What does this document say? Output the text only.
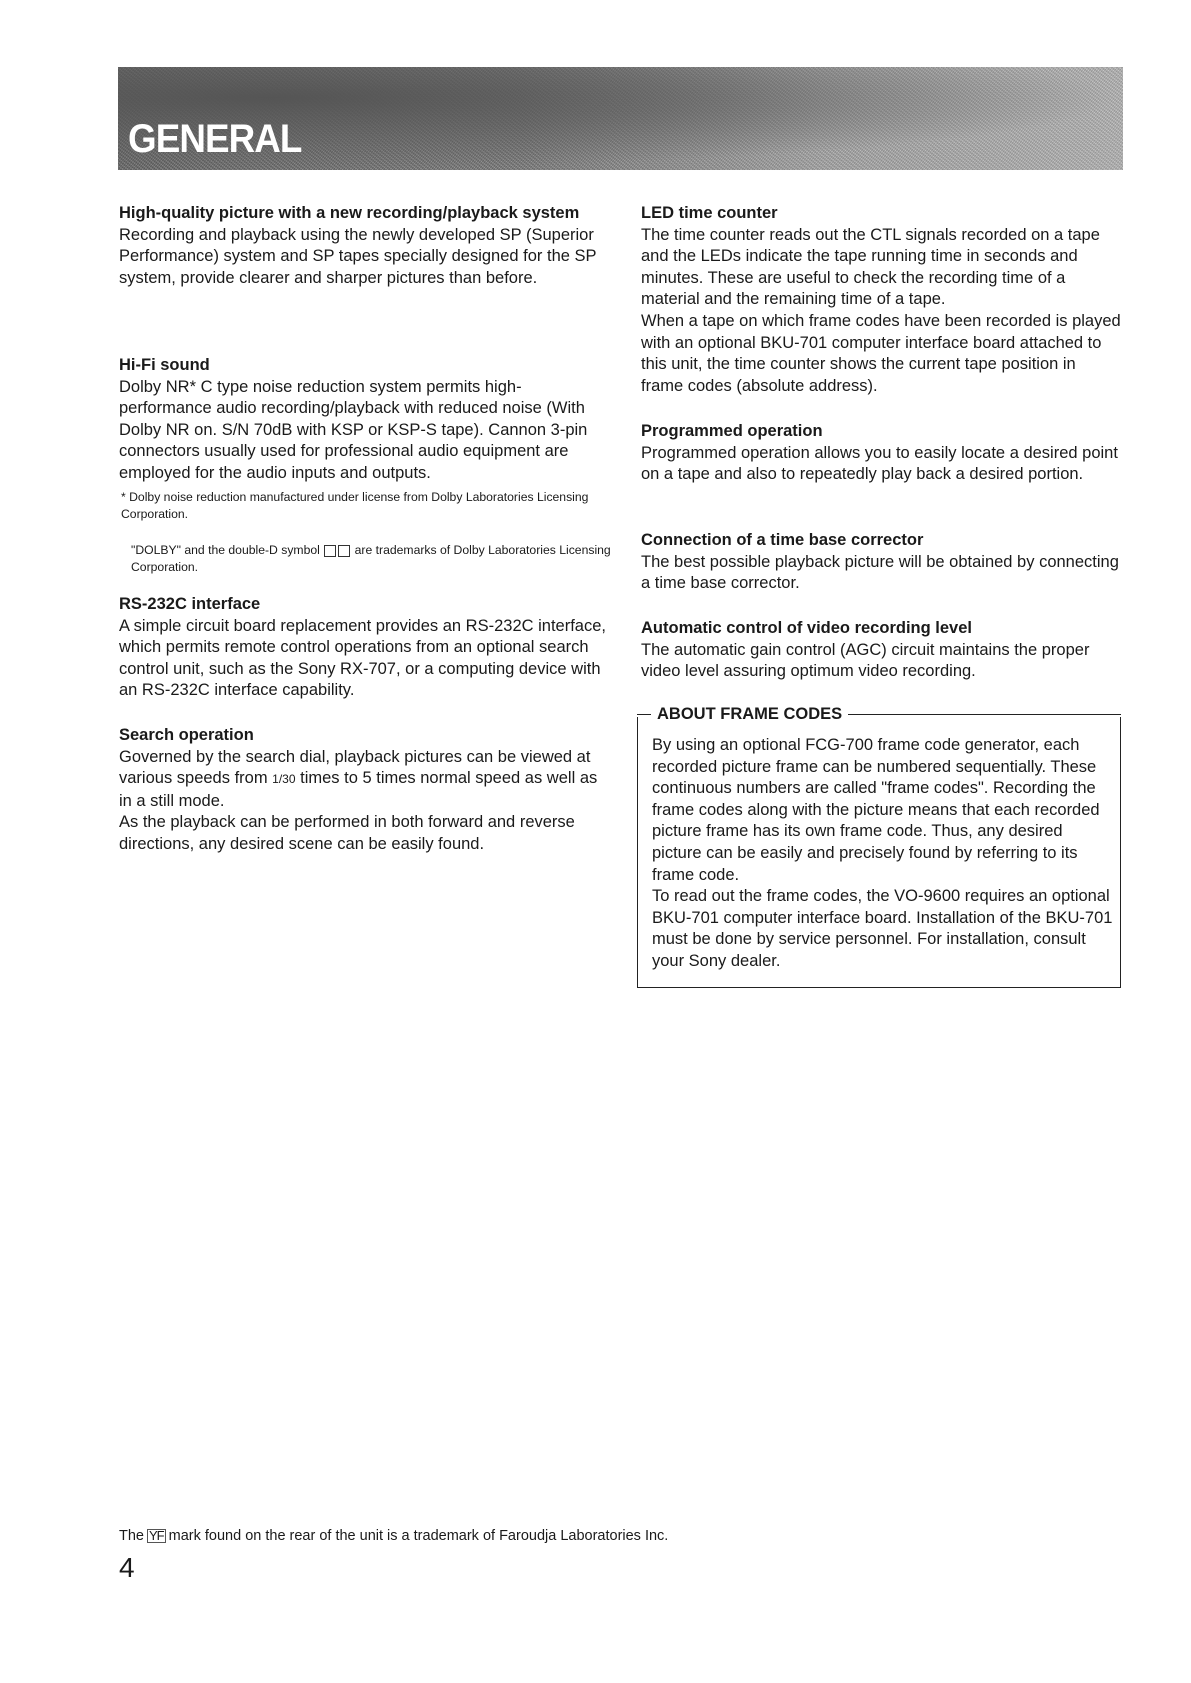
GENERAL
High-quality picture with a new recording/playback system

Recording and playback using the newly developed SP (Superior Performance) system and SP tapes specially designed for the SP system, provide clearer and sharper pictures than before.

Hi-Fi sound

Dolby NR* C type noise reduction system permits high-performance audio recording/playback with reduced noise (With Dolby NR on. S/N 70dB with KSP or KSP-S tape). Cannon 3-pin connectors usually used for professional audio equipment are employed for the audio inputs and outputs.

* Dolby noise reduction manufactured under license from Dolby Laboratories Licensing Corporation.
"DOLBY" and the double-D symbol	are trademarks of Dolby Laboratories Licensing Corporation.
RS-232C interface

A simple circuit board replacement provides an RS-232C interface, which permits remote control operations from an optional search control unit, such as the Sony RX-707, or a computing device with an RS-232C interface capability.

Search operation

Governed by the search dial, playback pictures can be viewed at various speeds from 1/30 times to 5 times normal speed as well as in a still mode.

As the playback can be performed in both forward and reverse directions, any desired scene can be easily found.

LED time counter

The time counter reads out the CTL signals recorded on a tape and the LEDs indicate the tape running time in seconds and minutes. These are useful to check the recording time of a material and the remaining time of a tape.

When a tape on which frame codes have been recorded is played with an optional BKU-701 computer interface board attached to this unit, the time counter shows the current tape position in frame codes (absolute address).

Programmed operation

Programmed operation allows you to easily locate a desired point on a tape and also to repeatedly play back a desired portion.

Connection of a time base corrector

The best possible playback picture will be obtained by connecting a time base corrector.

Automatic control of video recording level

The automatic gain control (AGC) circuit maintains the proper video level assuring optimum video recording.

ABOUT FRAME CODES

By using an optional FCG-700 frame code generator, each recorded picture frame can be numbered sequentially. These continuous numbers are called "frame codes". Recording the frame codes along with the picture means that each recorded picture frame has its own frame code. Thus, any desired picture can be easily and precisely found by referring to its frame code.

To read out the frame codes, the VO-9600 requires an optional BKU-701 computer interface board. Installation of the BKU-701 must be done by service personnel. For installation, consult your Sony dealer.

The YF mark found on the rear of the unit is a trademark of Faroudja Laboratories Inc.
4
